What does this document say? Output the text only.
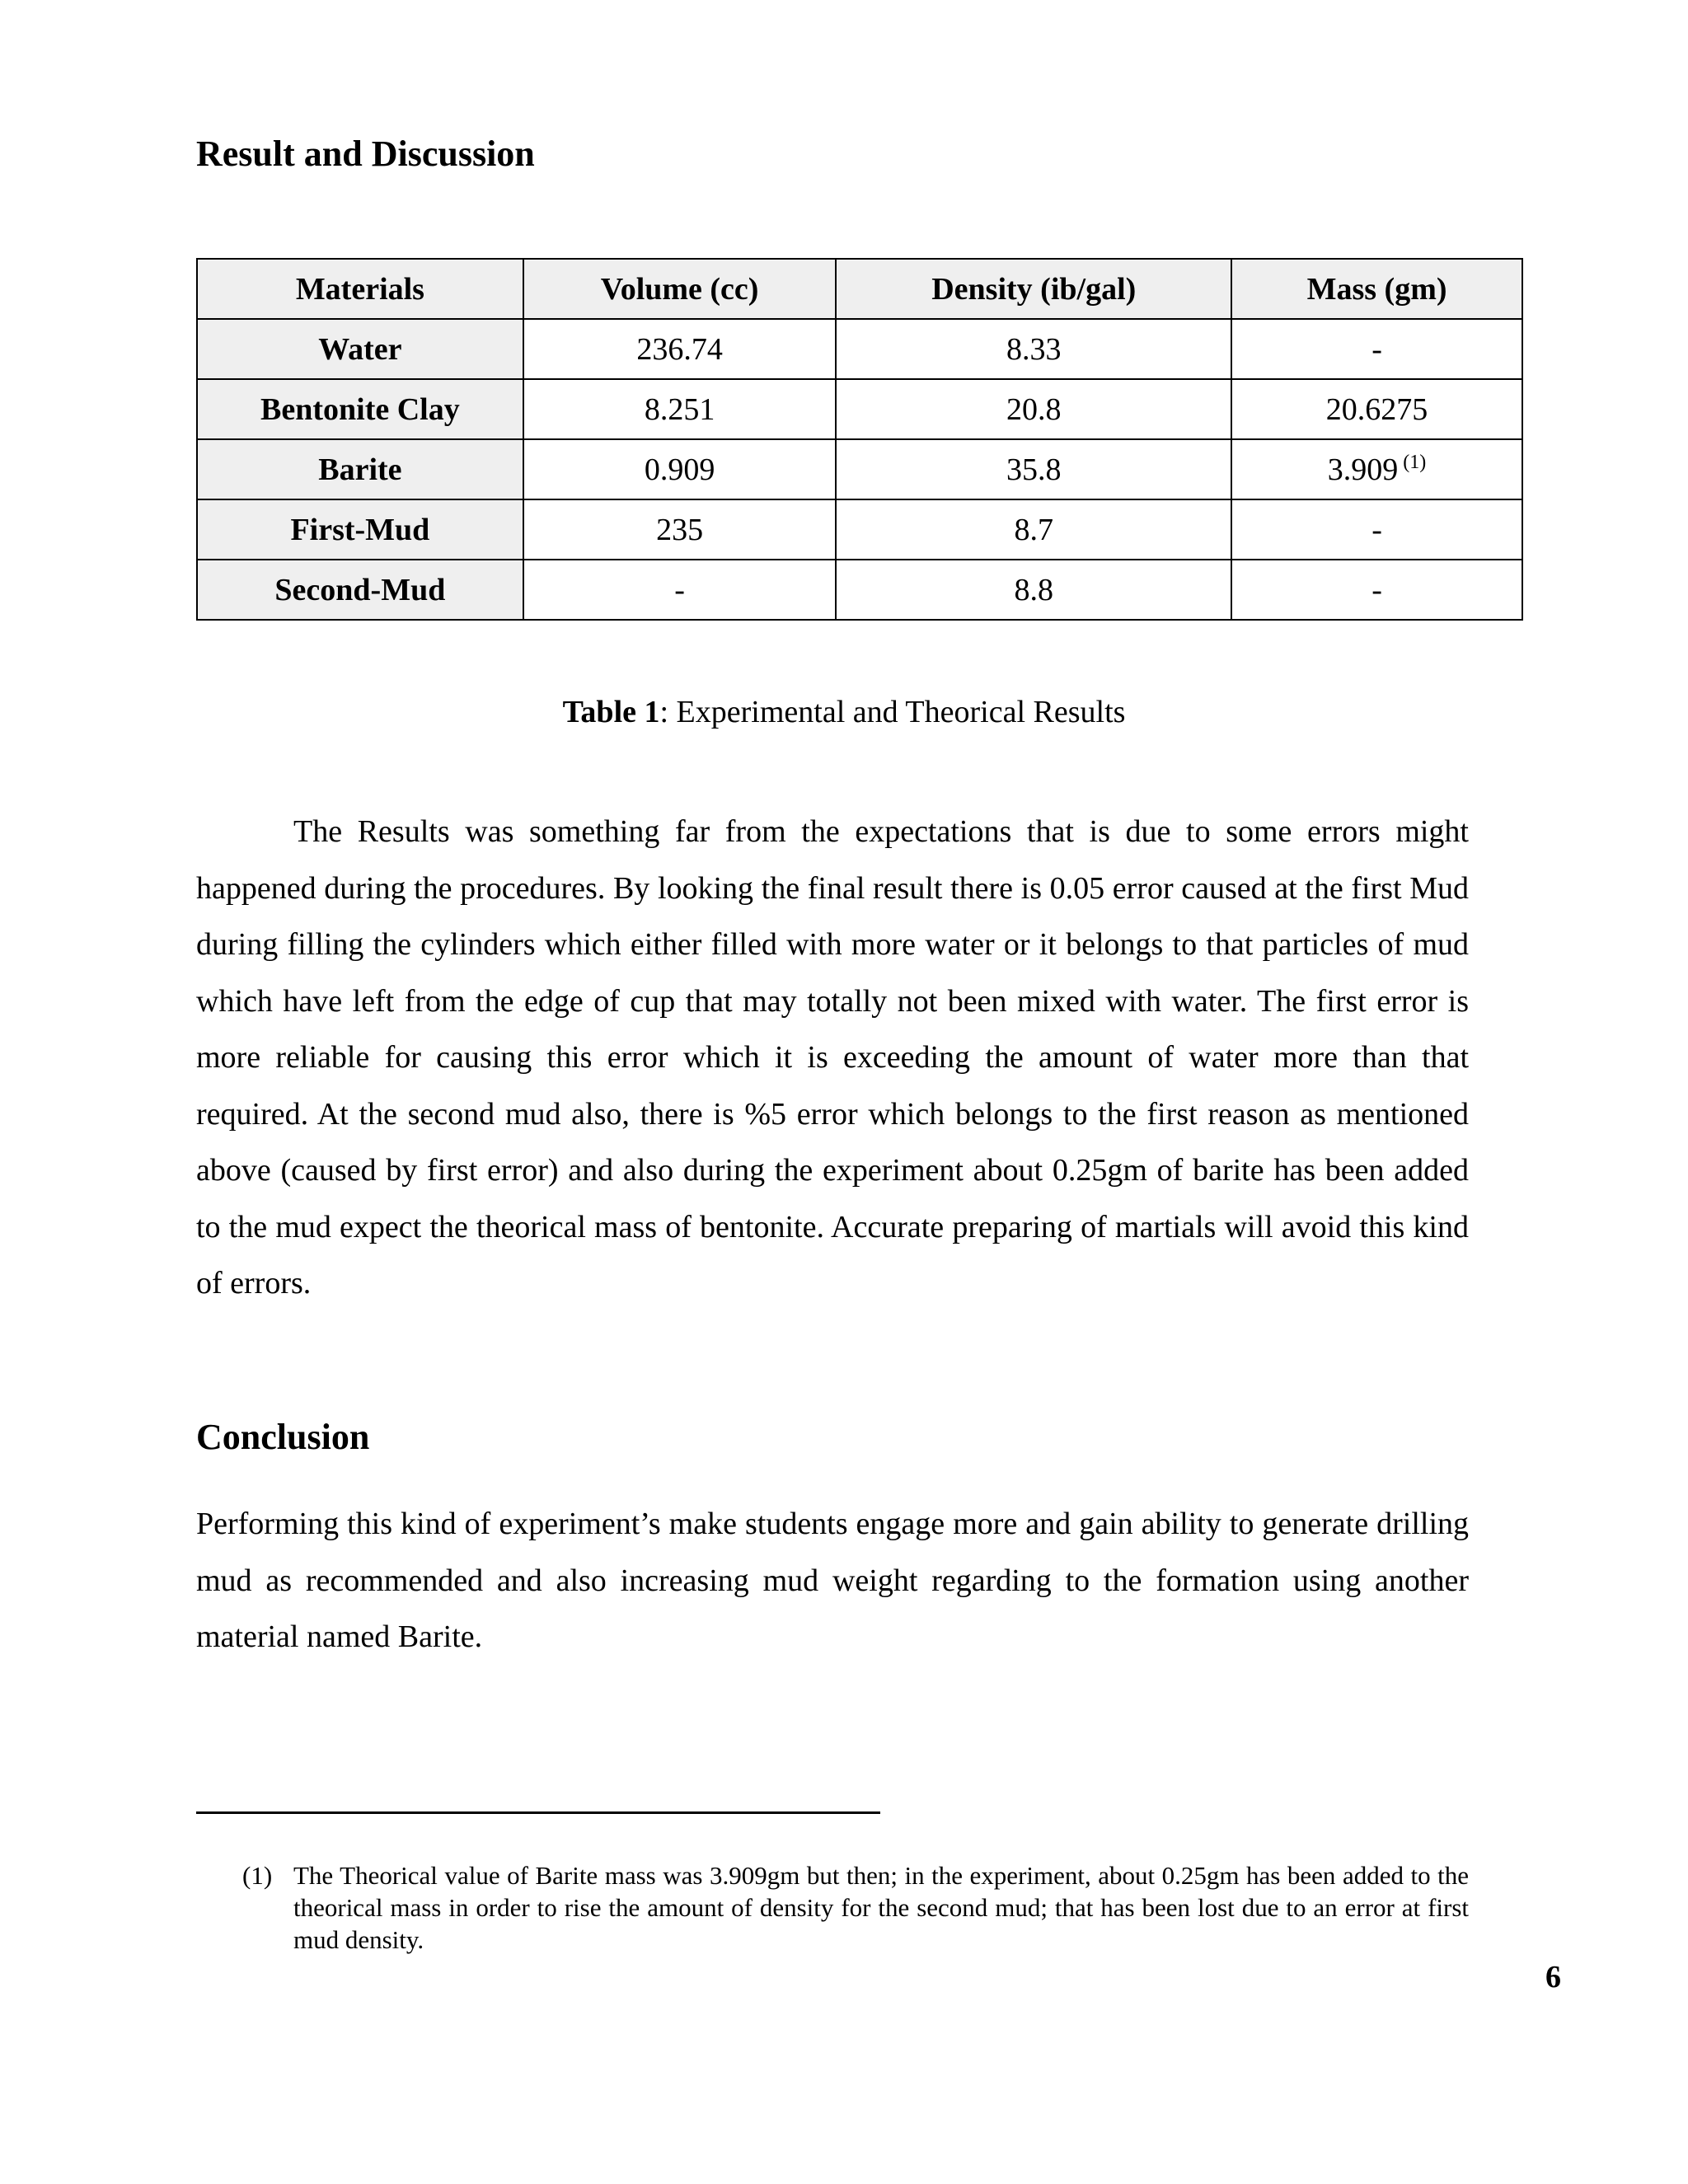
Result and Discussion
Materials	Volume (cc)	Density (ib/gal)	Mass (gm)
Water	236.74	8.33	-
Bentonite Clay	8.251	20.8	20.6275
Barite	0.909	35.8	3.909 $^{(1)}$
First-Mud	235	8.7	-
Second-Mud	-	8.8	-
Table 1: Experimental and Theorical Results

The Results was something far from the expectations that is due to some errors might happened during the procedures. By looking the final result there is 0.05 error caused at the first Mud during filling the cylinders which either filled with more water or it belongs to that particles of mud which have left from the edge of cup that may totally not been mixed with water. The first error is more reliable for causing this error which it is exceeding the amount of water more than that required. At the second mud also, there is %5 error which belongs to the first reason as mentioned above (caused by first error) and also during the experiment about 0.25gm of barite has been added to the mud expect the theorical mass of bentonite. Accurate preparing of martials will avoid this kind of errors.

Conclusion

Performing this kind of experiment’s make students engage more and gain ability to generate drilling mud as recommended and also increasing mud weight regarding to the formation using another material named Barite.

(1) The Theorical value of Barite mass was 3.909gm but then; in the experiment, about 0.25gm has been added to the theorical mass in order to rise the amount of density for the second mud; that has been lost due to an error at first mud density.

6
